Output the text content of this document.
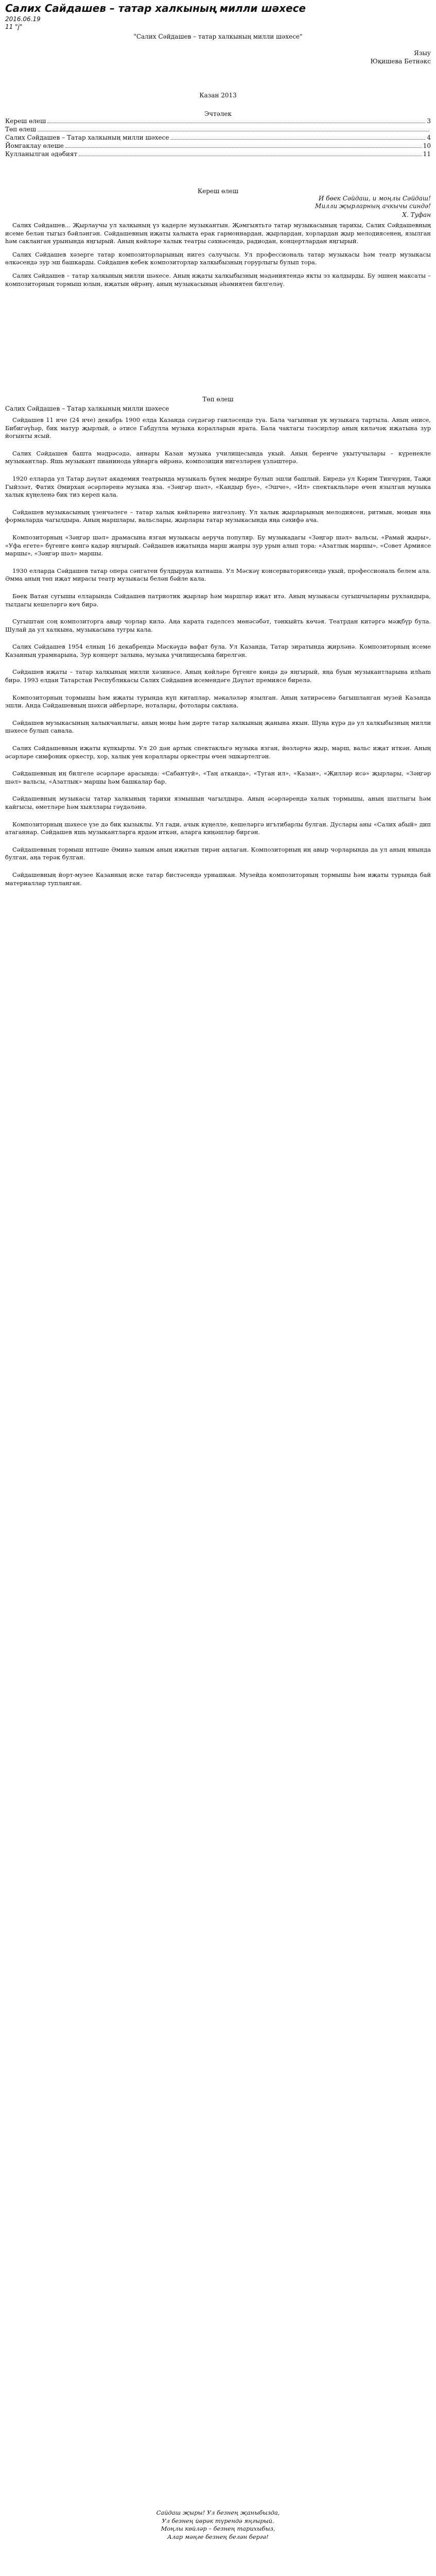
Салих Сайдашев – татар халкының милли шәхесе
2016.06.19
11 "j"
"Салих Сәйдашев – татар халкының милли шәхесе"
Языу
Юқишева Бетнәкс
Казан 2013
Эчтәлек
Кереш өлеш	3
Төп өлеш
Салих Сәйдашев – Татар халкының милли шәхесе	4
Йомгаклау өлеше	10
Кулланылган әдәбият	11
Кереш өлеш
И бөек Сәйдаш, и моңлы Сәйдаш!
Милли җырларның ачкычы синдә!
Х. Туфан

Салих Сәйдашев... Җырлаучы ул халкының үз кадерле музыкантын. Җәмгыятьтә татар музыкасының тарихы, Салих Сәйдашевның исеме белән тыгыз бәйләнгән. Сәйдашевның иҗаты халыкта ерак гармоннардан, җырлардан, хорлардан җыр мелодиясенең, язылган һәм сакланган урынында яңгырый. Аның көйләре халык театры сәхнәсендә, радиодан, концертлардан яңгырый.

Салих Сәйдашев хәзерге татар композиторларының нигез салучысы. Ул профессиональ татар музыкасы һәм театр музыкасы өлкәсендә зур эш башкарды. Сәйдашев кебек композиторлар халкыбызның горурлыгы булып тора.

Салих Сәйдашев – татар халкының милли шәхесе. Аның иҗаты халкыбызның мәдәниятендә якты эз калдырды. Бу эшнең максаты – композиторның тормыш юлын, иҗатын өйрәнү, аның музыкасының әһәмиятен билгеләү.

Төп өлеш
Салих Сәйдашев – Татар халкының милли шәхесе

Сәйдашев 11 нче (24 нче) декабрь 1900 елда Казанда сәүдәгәр гаиләсендә туа. Бала чагыннан ук музыкага тартыла. Аның әнисе, Бибигәүһәр, бик матур җырлый, ә әтисе Габдулла музыка коралларын ярата. Бала чактагы тәэсирләр аның киләчәк иҗатына зур йогынты ясый.

Салих Сәйдашев башта мәдрәсәдә, аннары Казан музыка училищесында укый. Аның беренче укытучылары – күренекле музыкантлар. Яшь музыкант пианинода уйнарга өйрәнә, композиция нигезләрен үзләштерә.

1920 елларда ул Татар дәүләт академия театрында музыкаль бүлек мөдире булып эшли башлый. Биредә ул Кәрим Тинчурин, Таҗи Гыйззәт, Фатих Әмирхан әсәрләренә музыка яза. «Зәңгәр шәл», «Кандыр буе», «Эшче», «Ил» спектакльләре өчен язылган музыка халык күңеленә бик тиз кереп кала.

Сәйдашев музыкасының үзенчәлеге – татар халык көйләренә нигезләнү. Ул халык җырларының мелодиясен, ритмын, моңын яңа формаларда чагылдыра. Аның маршлары, вальслары, җырлары татар музыкасында яңа сәхифә ача.

Композиторның «Зәңгәр шәл» драмасына язган музыкасы аеруча популяр. Бу музыкадагы «Зәңгәр шәл» вальсы, «Рамай җыры», «Уфа егете» бүгенге көнгә кадәр яңгырый. Сәйдашев иҗатында марш жанры зур урын алып тора: «Азатлык маршы», «Совет Армиясе маршы», «Зәңгәр шәл» маршы.

1930 елларда Сәйдашев татар опера сәнгатен булдыруда катнаша. Ул Мәскәү консерваториясендә укый, профессиональ белем ала. Әмма аның төп иҗат мирасы театр музыкасы белән бәйле кала.

Бөек Ватан сугышы елларында Сәйдашев патриотик җырлар һәм маршлар иҗат итә. Аның музыкасы сугышчыларны рухландыра, тылдагы кешеләргә көч бирә.

Сугыштан соң композиторга авыр чорлар килә. Аңа карата гаделсез мөнәсәбәт, тәнкыйть көчәя. Театрдан китәргә мәҗбүр була. Шулай да ул халкына, музыкасына тугры кала.

Салих Сәйдашев 1954 елның 16 декабрендә Мәскәүдә вафат була. Ул Казанда, Татар зиратында җирләнә. Композиторның исеме Казанның урамнарына, Зур концерт залына, музыка училищесына бирелгән.

Сәйдашев иҗаты – татар халкының милли хәзинәсе. Аның көйләре бүгенге көндә дә яңгырый, яңа буын музыкантларына илham бирә. 1993 елдан Татарстан Республикасы Салих Сәйдашев исемендәге Дәүләт премиясе бирелә.

Композиторның тормышы һәм иҗаты турында күп китаплар, мәкаләләр язылган. Аның хатирәсенә багышланган музей Казанда эшли. Анда Сәйдашевның шәхси әйберләре, ноталары, фотолары саклана.

Сәйдашев музыкасының халыкчанлыгы, аның моңы һәм дәрте татар халкының җанына якын. Шуңа күрә дә ул халкыбызның милли шәхесе булып санала.

Салих Сәйдашевның иҗаты күпкырлы. Ул 20 дән артык спектакльгә музыка язган, йөзләрчә җыр, марш, вальс иҗат иткән. Аның әсәрләре симфоник оркестр, хор, халык уен кораллары оркестры өчен эшкәртелгән.

Сәйдашевның иң билгеле әсәрләре арасында: «Сабантуй», «Таң атканда», «Туган ил», «Казан», «Җилләр исә» җырлары, «Зәңгәр шәл» вальсы, «Азатлык» маршы һәм башкалар бар.

Сәйдашевның музыкасы татар халкының тарихи язмышын чагылдыра. Аның әсәрләрендә халык тормышы, аның шатлыгы һәм кайгысы, өметләре һәм хыяллары гәүдәләнә.

Композиторның шәхесе үзе дә бик кызыклы. Ул гади, ачык күңелле, кешеләргә игътибарлы булган. Дуслары аны «Салих абый» дип атаганнар. Сәйдашев яшь музыкантларга ярдәм иткән, аларга киңәшләр биргән.

Сәйдашевның тормыш иптәше Әминә ханым аның иҗатын тирән аңлаган. Композиторның иң авыр чорларында да ул аның янында булган, аңа терәк булган.

Сәйдашевның йорт-музее Казанның иске татар бистәсендә урнашкан. Музейда композиторның тормышы һәм иҗаты турында бай материаллар тупланган.

Сайдаш җыры! Ул безнең җаныбызда,
Ул безнең йөрәк түрендә яңгырый.
Моңлы көйләр – безнең тарихыбыз,
Алар мәңге безнең белән бергә!
